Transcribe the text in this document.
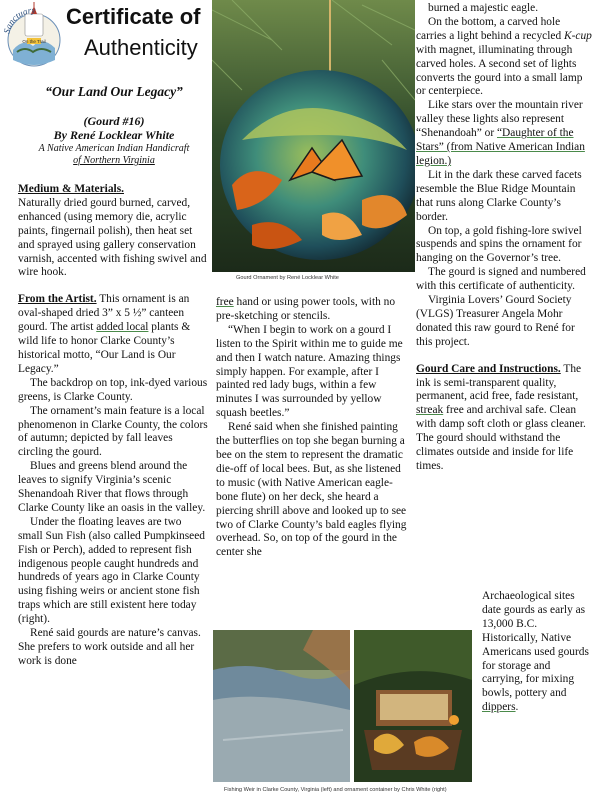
anctuary
On the Trail
Certificate of
Authenticity
“Our Land Our Legacy”
(Gourd #16)
By René Locklear White
A Native American Indian Handicraft
of Northern Virginia

Medium & Materials.

Naturally dried gourd burned, carved, enhanced (using memory die, acrylic paints, fingernail polish), then heat set and sprayed using gallery conservation varnish, accented with fishing swivel and wire hook.

From the Artist. This ornament is an oval-shaped dried 3” x 5 ½” canteen gourd. The artist added local plants & wild life to honor Clarke County’s historical motto, “Our Land is Our Legacy.”

The backdrop on top, ink-dyed various greens, is Clarke County.

The ornament’s main feature is a local phenomenon in Clarke County, the colors of autumn; depicted by fall leaves circling the gourd.

Blues and greens blend around the leaves to signify Virginia’s scenic Shenandoah River that flows through Clarke County like an oasis in the valley.

Under the floating leaves are two small Sun Fish (also called Pumpkinseed Fish or Perch), added to represent fish indigenous people caught hundreds and hundreds of years ago in Clarke County using fishing weirs or ancient stone fish traps which are still existent here today (right).

René said gourds are nature’s canvas. She prefers to work outside and all her work is done

Gourd Ornament by René Locklear White

free hand or using power tools, with no pre-sketching or stencils.

“When I begin to work on a gourd I listen to the Spirit within me to guide me and then I watch nature. Amazing things simply happen. For example, after I painted red lady bugs, within a few minutes I was surrounded by yellow squash beetles.”

René said when she finished painting the butterflies on top she began burning a bee on the stem to represent the dramatic die-off of local bees. But, as she listened to music (with Native American eagle-bone flute) on her deck, she heard a piercing shrill above and looked up to see two of Clarke County’s bald eagles flying overhead. So, on top of the gourd in the center she

burned a majestic eagle.

On the bottom, a carved hole carries a light behind a recycled K-cup with magnet, illuminating through carved holes. A second set of lights converts the gourd into a small lamp or centerpiece.

Like stars over the mountain river valley these lights also represent “Shenandoah” or “Daughter of the Stars” (from Native American Indian legion.)

Lit in the dark these carved facets resemble the Blue Ridge Mountain that runs along Clarke County’s border.

On top, a gold fishing-lore swivel suspends and spins the ornament for hanging on the Governor’s tree.

The gourd is signed and numbered with this certificate of authenticity.

Virginia Lovers’ Gourd Society (VLGS) Treasurer Angela Mohr donated this raw gourd to René for this project.

Gourd Care and Instructions. The ink is semi-transparent quality, permanent, acid free, fade resistant, streak free and archival safe. Clean with damp soft cloth or glass cleaner. The gourd should withstand the climates outside and inside for life times.

Archaeological sites date gourds as early as 13,000 B.C. Historically, Native Americans used gourds for storage and carrying, for mixing bowls, pottery and dippers.

Fishing Weir in Clarke County, Virginia (left) and ornament container by Chris White (right)
